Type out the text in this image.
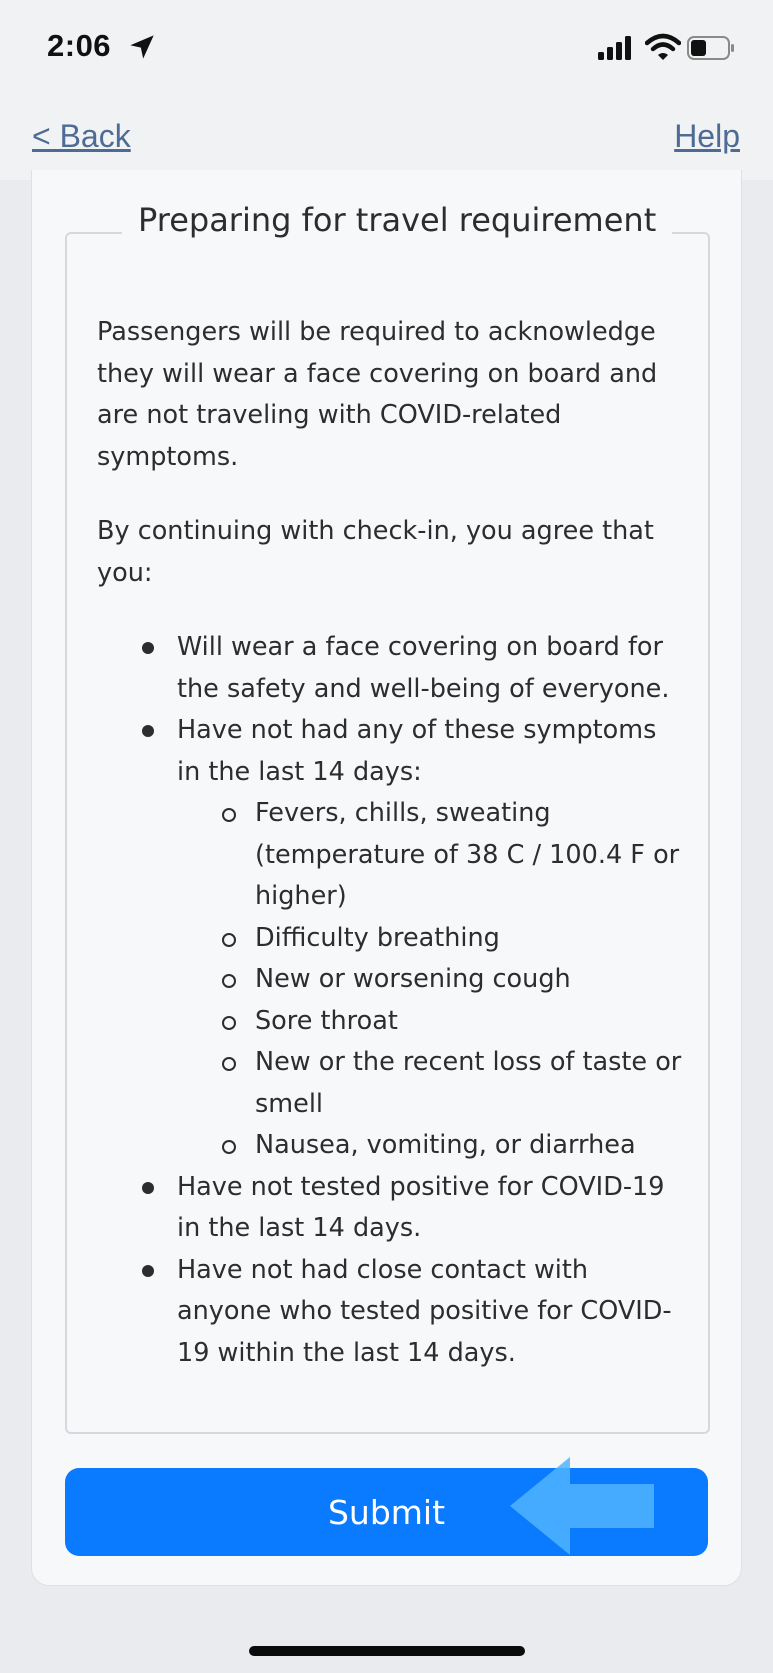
2:06
< Back	Help
Preparing for travel requirement

Passengers will be required to acknowledge they will wear a face covering on board and are not traveling with COVID-related symptoms.

By continuing with check-in, you agree that you:

Will wear a face covering on board for the safety and well-being of everyone.
Have not had any of these symptoms in the last 14 days:
Fevers, chills, sweating (temperature of 38 C / 100.4 F or higher)
Difficulty breathing
New or worsening cough
Sore throat
New or the recent loss of taste or smell
Nausea, vomiting, or diarrhea
Have not tested positive for COVID-19 in the last 14 days.
Have not had close contact with anyone who tested positive for COVID-19 within the last 14 days.
Submit
